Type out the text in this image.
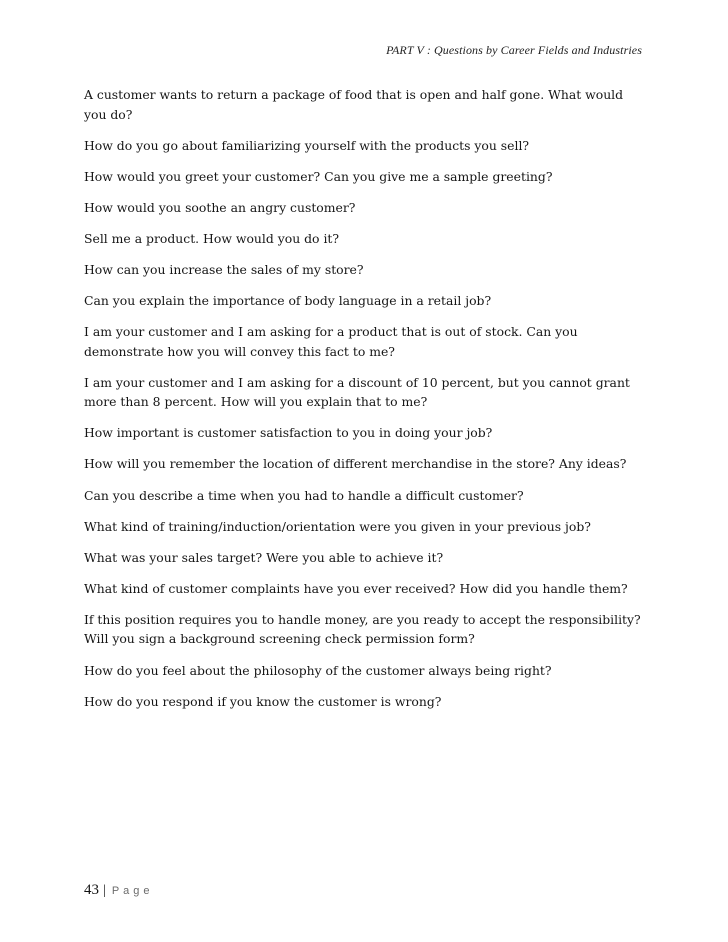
PART V : Questions by Career Fields and Industries
A customer wants to return a package of food that is open and half gone. What would you do?
How do you go about familiarizing yourself with the products you sell?
How would you greet your customer? Can you give me a sample greeting?
How would you soothe an angry customer?
Sell me a product. How would you do it?
How can you increase the sales of my store?
Can you explain the importance of body language in a retail job?
I am your customer and I am asking for a product that is out of stock. Can you demonstrate how you will convey this fact to me?
I am your customer and I am asking for a discount of 10 percent, but you cannot grant more than 8 percent. How will you explain that to me?
How important is customer satisfaction to you in doing your job?
How will you remember the location of different merchandise in the store? Any ideas?
Can you describe a time when you had to handle a difficult customer?
What kind of training/induction/orientation were you given in your previous job?
What was your sales target? Were you able to achieve it?
What kind of customer complaints have you ever received? How did you handle them?
If this position requires you to handle money, are you ready to accept the responsibility? Will you sign a background screening check permission form?
How do you feel about the philosophy of the customer always being right?
How do you respond if you know the customer is wrong?
43 | Page
